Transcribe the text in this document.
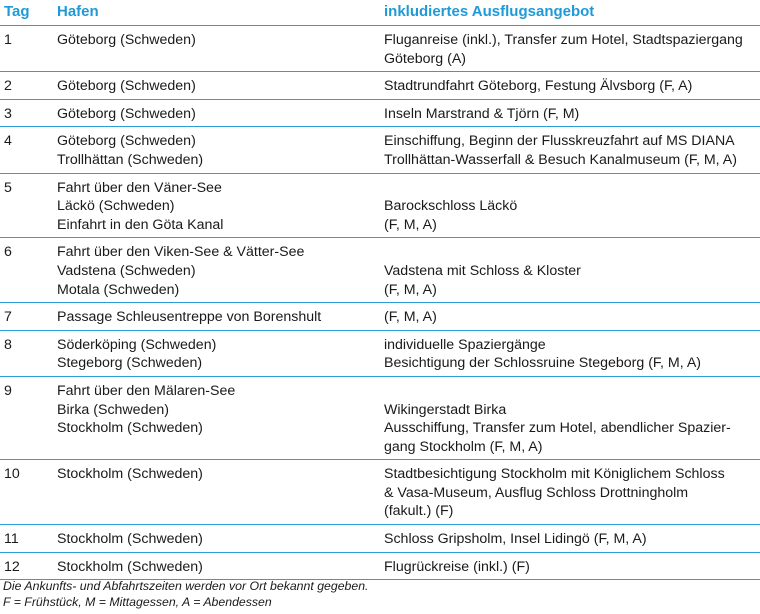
Tag	Hafen	inkludiertes Ausflugsangebot
1	Göteborg (Schweden)	Fluganreise (inkl.), Transfer zum Hotel, Stadtspaziergang
Göteborg (A)

2	Göteborg (Schweden)	Stadtrundfahrt Göteborg, Festung Älvsborg (F, A)

3	Göteborg (Schweden)	Inseln Marstrand & Tjörn (F, M)

4	Göteborg (Schweden)
Trollhättan (Schweden)	Einschiffung, Beginn der Flusskreuzfahrt auf MS DIANA
Trollhättan-Wasserfall & Besuch Kanalmuseum (F, M, A)

5	Fahrt über den Väner-See
Läckö (Schweden)
Einfahrt in den Göta Kanal	Barockschloss Läckö
(F, M, A)

6	Fahrt über den Viken-See & Vätter-See
Vadstena (Schweden)
Motala (Schweden)	Vadstena mit Schloss & Kloster
(F, M, A)

7	Passage Schleusentreppe von Borenshult	(F, M, A)

8	Söderköping (Schweden)
Stegeborg (Schweden)	individuelle Spaziergänge
Besichtigung der Schlossruine Stegeborg (F, M, A)

9	Fahrt über den Mälaren-See
Birka (Schweden)
Stockholm (Schweden)	Wikingerstadt Birka
Ausschiffung, Transfer zum Hotel, abendlicher Spazier-
gang Stockholm (F, M, A)

10	Stockholm (Schweden)	Stadtbesichtigung Stockholm mit Königlichem Schloss
& Vasa-Museum, Ausflug Schloss Drottningholm
(fakult.) (F)

11	Stockholm (Schweden)	Schloss Gripsholm, Insel Lidingö (F, M, A)

12	Stockholm (Schweden)	Flugrückreise (inkl.) (F)
Die Ankunfts- und Abfahrtszeiten werden vor Ort bekannt gegeben.
F = Frühstück, M = Mittagessen, A = Abendessen
